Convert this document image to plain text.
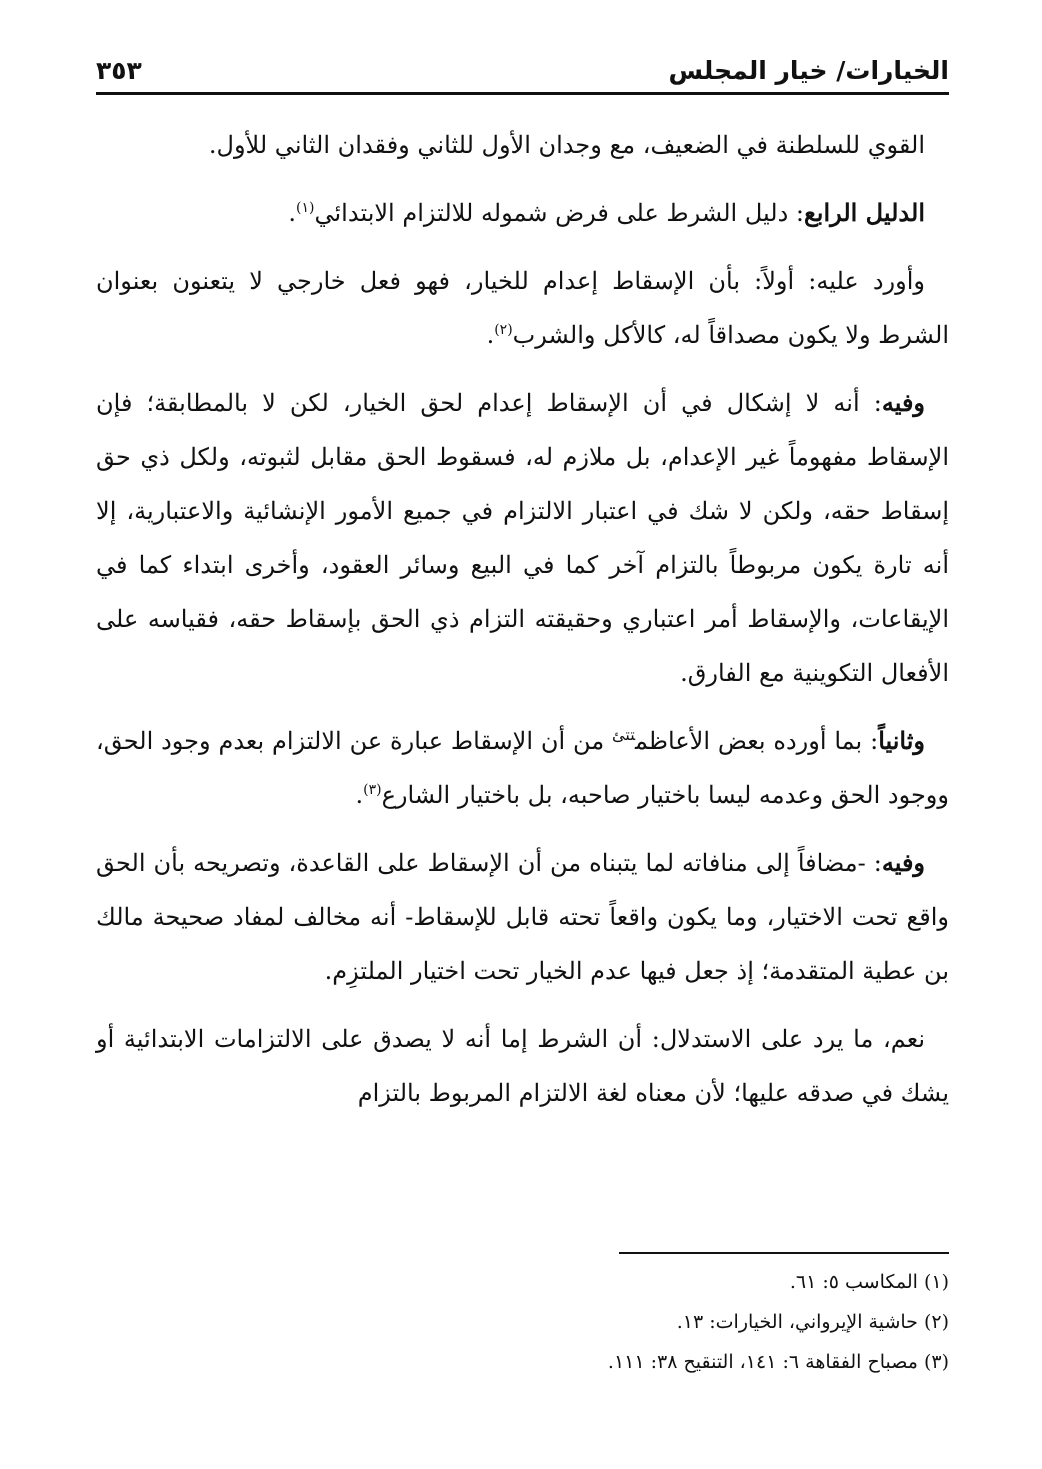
الخيارات/ خيار المجلس
٣٥٣

القوي للسلطنة في الضعيف، مع وجدان الأول للثاني وفقدان الثاني للأول.

الدليل الرابع: دليل الشرط على فرض شموله للالتزام الابتدائي$^{(١)}$.

وأورد عليه: أولاً: بأن الإسقاط إعدام للخيار، فهو فعل خارجي لا يتعنون بعنوان الشرط ولا يكون مصداقاً له، كالأكل والشرب$^{(٢)}$.

وفيه: أنه لا إشكال في أن الإسقاط إعدام لحق الخيار، لكن لا بالمطابقة؛ فإن الإسقاط مفهوماً غير الإعدام، بل ملازم له، فسقوط الحق مقابل لثبوته، ولكل ذي حق إسقاط حقه، ولكن لا شك في اعتبار الالتزام في جميع الأمور الإنشائية والاعتبارية، إلا أنه تارة يكون مربوطاً بالتزام آخر كما في البيع وسائر العقود، وأخرى ابتداء كما في الإيقاعات، والإسقاط أمر اعتباري وحقيقته التزام ذي الحق بإسقاط حقه، فقياسه على الأفعال التكوينية مع الفارق.

وثانياً: بما أورده بعض الأعاظم$^{تتئ}$ من أن الإسقاط عبارة عن الالتزام بعدم وجود الحق، ووجود الحق وعدمه ليسا باختيار صاحبه، بل باختيار الشارع$^{(٣)}$.

وفيه: -مضافاً إلى منافاته لما يتبناه من أن الإسقاط على القاعدة، وتصريحه بأن الحق واقع تحت الاختيار، وما يكون واقعاً تحته قابل للإسقاط- أنه مخالف لمفاد صحيحة مالك بن عطية المتقدمة؛ إذ جعل فيها عدم الخيار تحت اختيار الملتزِم.

نعم، ما يرد على الاستدلال: أن الشرط إما أنه لا يصدق على الالتزامات الابتدائية أو يشك في صدقه عليها؛ لأن معناه لغة الالتزام المربوط بالتزام

(١) المكاسب ٥: ٦١.

(٢) حاشية الإيرواني، الخيارات: ١٣.

(٣) مصباح الفقاهة ٦: ١٤١، التنقيح ٣٨: ١١١.
